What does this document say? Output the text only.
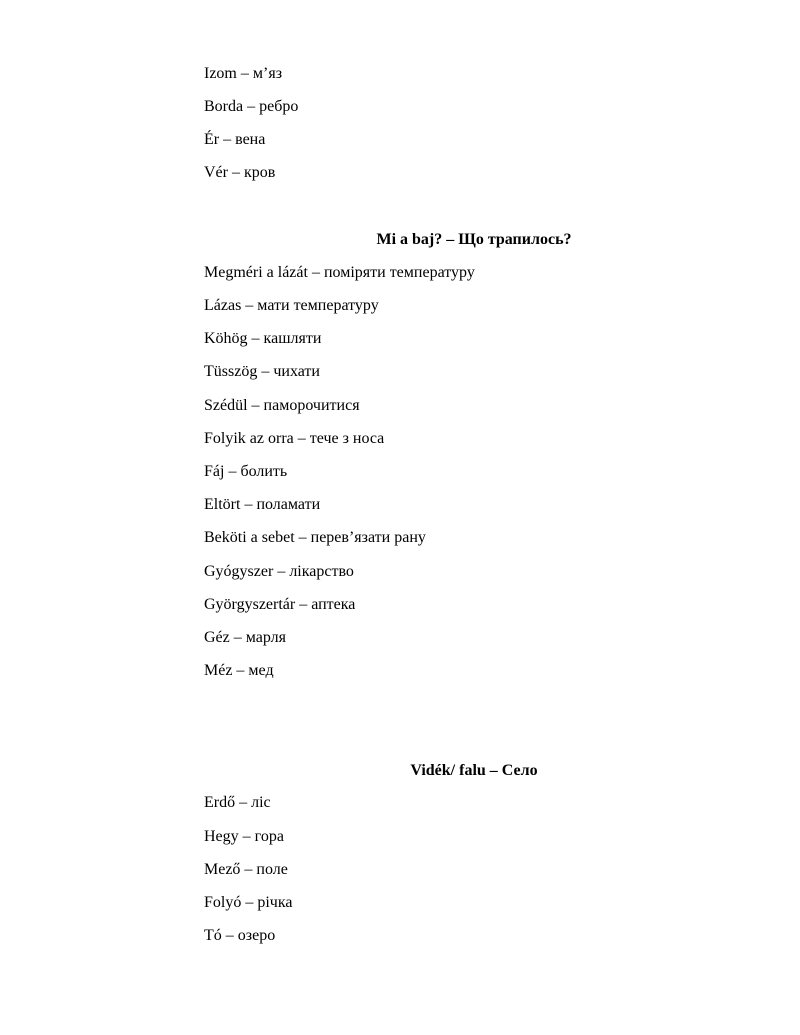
Izom – м’яз
Borda – ребро
Ér – вена
Vér – кров
Mi a baj? – Що трапилось?
Megméri a lázát – поміряти температуру
Lázas – мати температуру
Köhög – кашляти
Tüsszög – чихати
Szédül – паморочитися
Folyik az orra – тече з носа
Fáj – болить
Eltört – поламати
Beköti a sebet – перев’язати рану
Gyógyszer – лікарство
Györgyszertár – аптека
Géz – марля
Méz – мед
Vidék/ falu – Село
Erdő – ліс
Hegy – гора
Mező – поле
Folyó – річка
Tó – озеро
